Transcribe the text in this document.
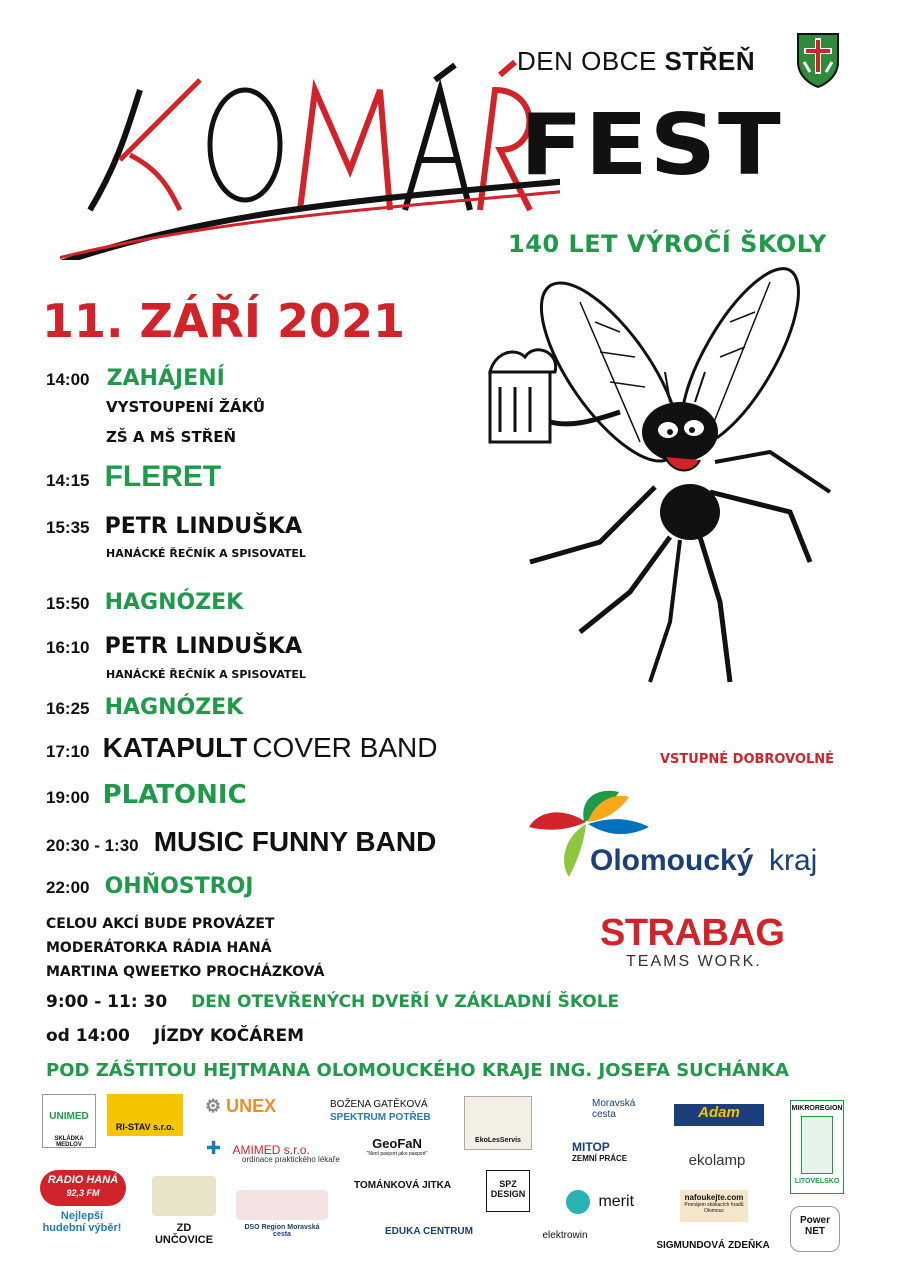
DEN OBCE STŘEŇ
KOMÁR
FEST
140 LET VÝROČÍ ŠKOLY
11. ZÁŘÍ 2021
14:00 ZAHÁJENÍ
VYSTOUPENÍ ŽÁKŮ
ZŠ A MŠ STŘEŇ
14:15 FLERET
15:35 PETR LINDUŠKA
HANÁCKÉ ŘEČNÍK A SPISOVATEL
15:50 HAGNÓZEK
16:10 PETR LINDUŠKA
HANÁCKÉ ŘEČNÍK A SPISOVATEL
16:25 HAGNÓZEK
17:10 KATAPULT COVER BAND
19:00 PLATONIC
20:30 - 1:30 MUSIC FUNNY BAND
22:00 OHŇOSTROJ
CELOU AKCÍ BUDE PROVÁZET
MODERÁTORKA RÁDIA HANÁ
MARTINA QWEETKO PROCHÁZKOVÁ
9:00 - 11: 30 DEN OTEVŘENÝCH DVEŘÍ V ZÁKLADNÍ ŠKOLE
od 14:00 JÍZDY KOČÁREM
POD ZÁŠTITOU HEJTMANA OLOMOUCKÉHO KRAJE ING. JOSEFA SUCHÁNKA
VSTUPNÉ DOBROVOLNÉ
Olomoucký kraj
STRABAG
TEAMS WORK.
UNIMED
SKLÁDKA MEDLOV
RI-STAV s.r.o.
⚙ UNEX	BOŽENA GATĚKOVÁ
SPEKTRUM POTŘEB
EkoLesServis
Moravská cesta	Adam	MIKROREGION
LITOVELSKO
✚ AMIMED s.r.o.
ordinace praktického lékaře
GeoFaN
"Není pasport jako pasport"	MITOP
ZEMNÍ PRÁCE	ekolamp
RADIO HANÁ
92,3 FM
Nejlepší hudební výběr!	ZD UNČOVICE
DSO Region Moravská cesta
TOMÁNKOVÁ JITKA
EDUKA CENTRUM
SPZ DESIGN	merit
elektrowin
nafoukejte.com
Pronájem skákacích hradů Olomouc
SIGMUNDOVÁ ZDEŇKA
Power NET
